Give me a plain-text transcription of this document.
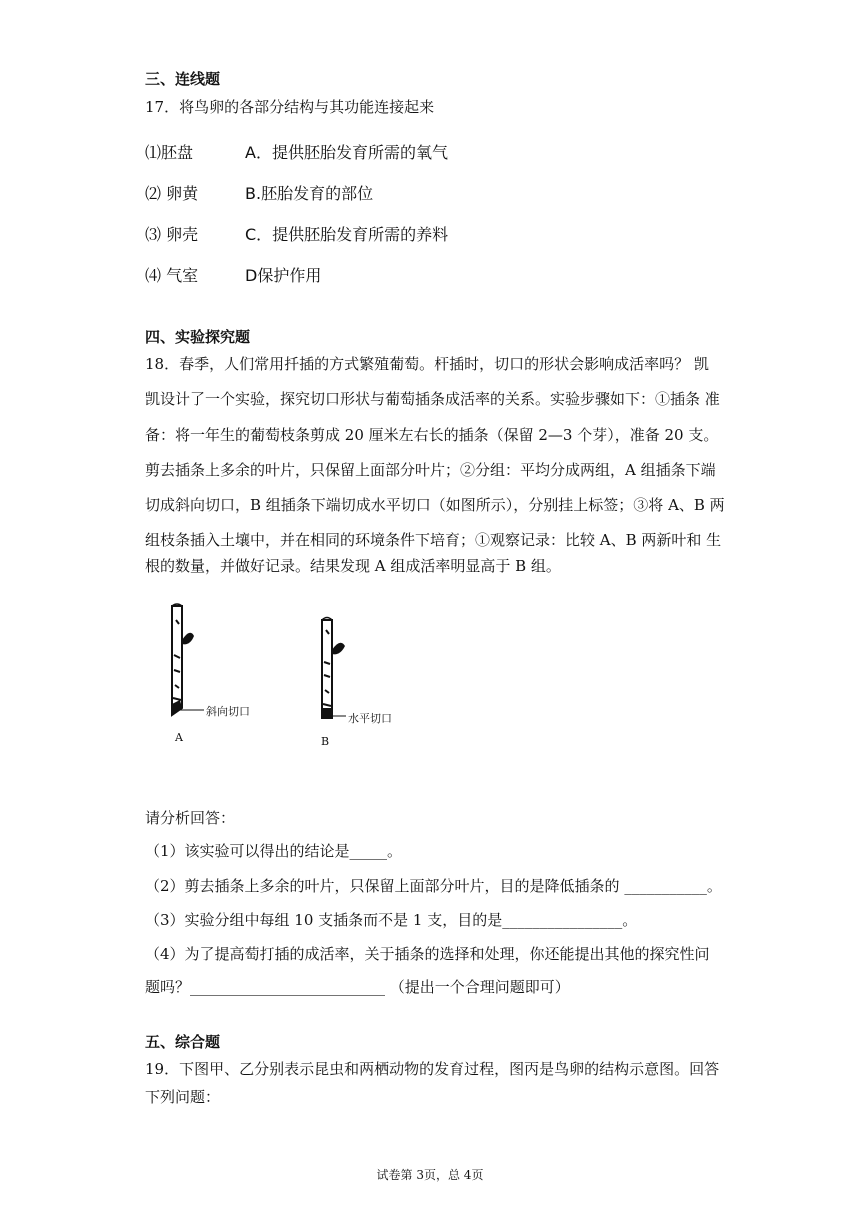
三、连线题
17．将鸟卵的各部分结构与其功能连接起来
⑴胚盘	A．提供胚胎发育所需的氧气
⑵ 卵黄	B.胚胎发育的部位
⑶ 卵壳	C．提供胚胎发育所需的养料
⑷ 气室	D保护作用
四、实验探究题
18．春季，人们常用扦插的方式繁殖葡萄。杆插时，切口的形状会影响成活率吗？ 凯
凯设计了一个实验，探究切口形状与葡萄插条成活率的关系。实验步骤如下：①插条 准
备：将一年生的葡萄枝条剪成 20 厘米左右长的插条（保留 2—3 个芽），准备 20 支。
剪去插条上多余的叶片，只保留上面部分叶片；②分组：平均分成两组，A 组插条下端
切成斜向切口，B 组插条下端切成水平切口（如图所示），分别挂上标签；③将 A、B 两
组枝条插入土壤中，并在相同的环境条件下培育；①观察记录：比较 A、B 两新叶和 生
根的数量，并做好记录。结果发现 A 组成活率明显高于 B 组。
A
斜向切口
B
水平切口
请分析回答：
（1）该实验可以得出的结论是_____。
（2）剪去插条上多余的叶片，只保留上面部分叶片，目的是降低插条的 ___________。
（3）实验分组中每组 10 支插条而不是 1 支，目的是________________。
（4）为了提高萄打插的成活率，关于插条的选择和处理，你还能提出其他的探究性问
题吗？__________________________ （提出一个合理问题即可）
五、综合题
19．下图甲、乙分别表示昆虫和两栖动物的发育过程，图丙是鸟卵的结构示意图。回答
下列问题：
试卷第 3页，总 4页
